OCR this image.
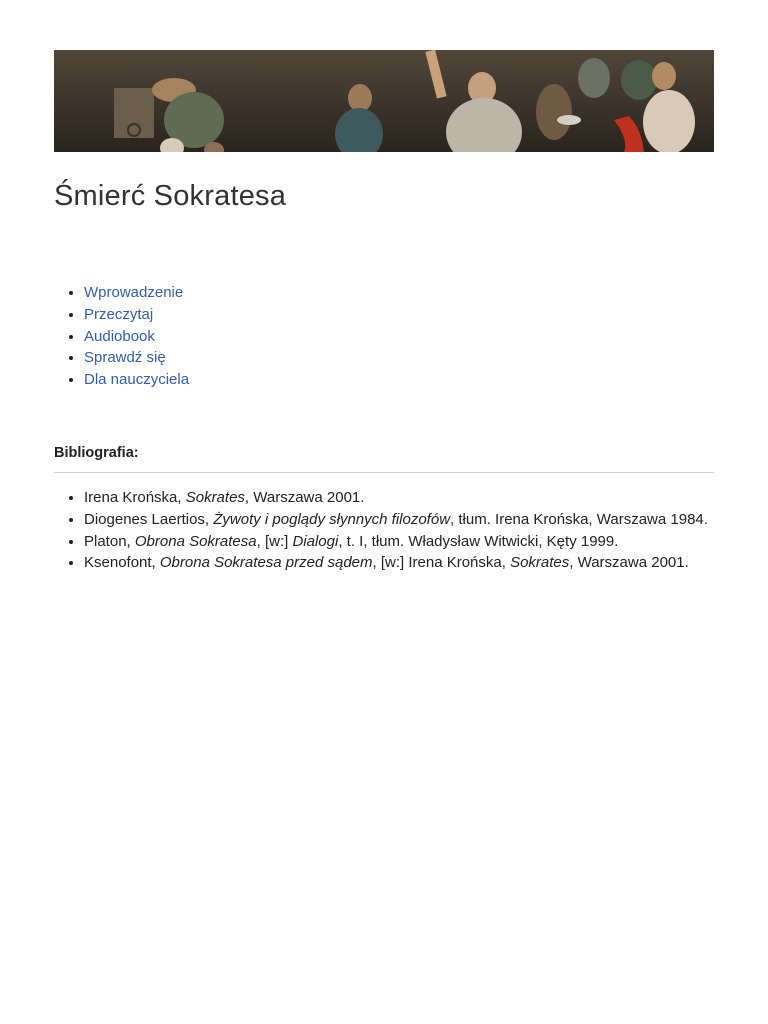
Śmierć Sokratesa
• Wprowadzenie
• Przeczytaj
• Audiobook
• Sprawdź się
• Dla nauczyciela
Bibliografia:
• Irena Krońska, Sokrates, Warszawa 2001.
• Diogenes Laertios, Żywoty i poglądy słynnych filozofów, tłum. Irena Krońska, Warszawa 1984.
• Platon, Obrona Sokratesa, [w:] Dialogi, t. I, tłum. Władysław Witwicki, Kęty 1999.
• Ksenofont, Obrona Sokratesa przed sądem, [w:] Irena Krońska, Sokrates, Warszawa 2001.
